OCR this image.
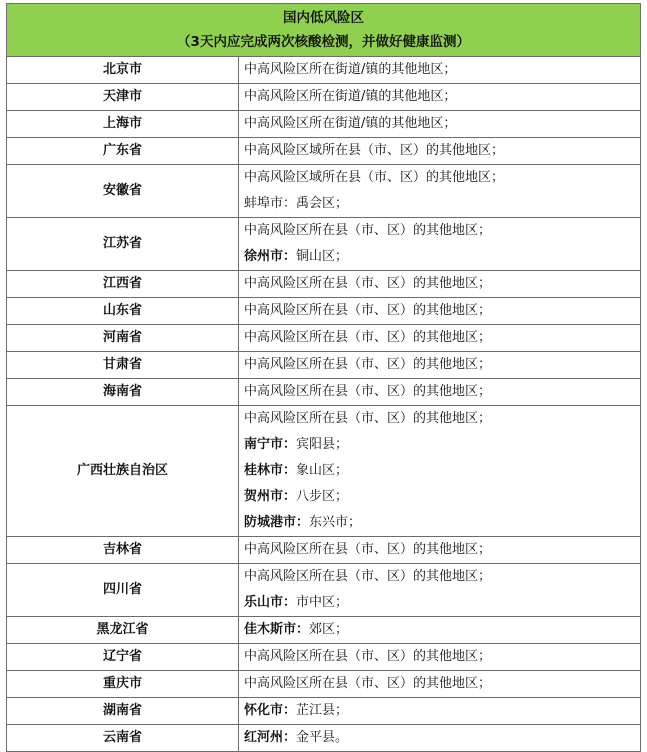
国内低风险区
（3天内应完成两次核酸检测，并做好健康监测）	

北京市	中高风险区所在街道/镇的其他地区；

天津市	中高风险区所在街道/镇的其他地区；

上海市	中高风险区所在街道/镇的其他地区；

广东省	中高风险区域所在县（市、区）的其他地区；

安徽省	中高风险区域所在县（市、区）的其他地区；
蚌埠市：禹会区；

江苏省	中高风险区所在县（市、区）的其他地区；
徐州市：铜山区；

江西省	中高风险区所在县（市、区）的其他地区；

山东省	中高风险区所在县（市、区）的其他地区；

河南省	中高风险区所在县（市、区）的其他地区；

甘肃省	中高风险区所在县（市、区）的其他地区；

海南省	中高风险区所在县（市、区）的其他地区；

广西壮族自治区	中高风险区所在县（市、区）的其他地区；
南宁市：宾阳县；
桂林市：象山区；
贺州市：八步区；
防城港市：东兴市；

吉林省	中高风险区所在县（市、区）的其他地区；

四川省	中高风险区所在县（市、区）的其他地区；
乐山市：市中区；

黑龙江省	佳木斯市：郊区；

辽宁省	中高风险区所在县（市、区）的其他地区；

重庆市	中高风险区所在县（市、区）的其他地区；

湖南省	怀化市：芷江县；

云南省	红河州：金平县。
